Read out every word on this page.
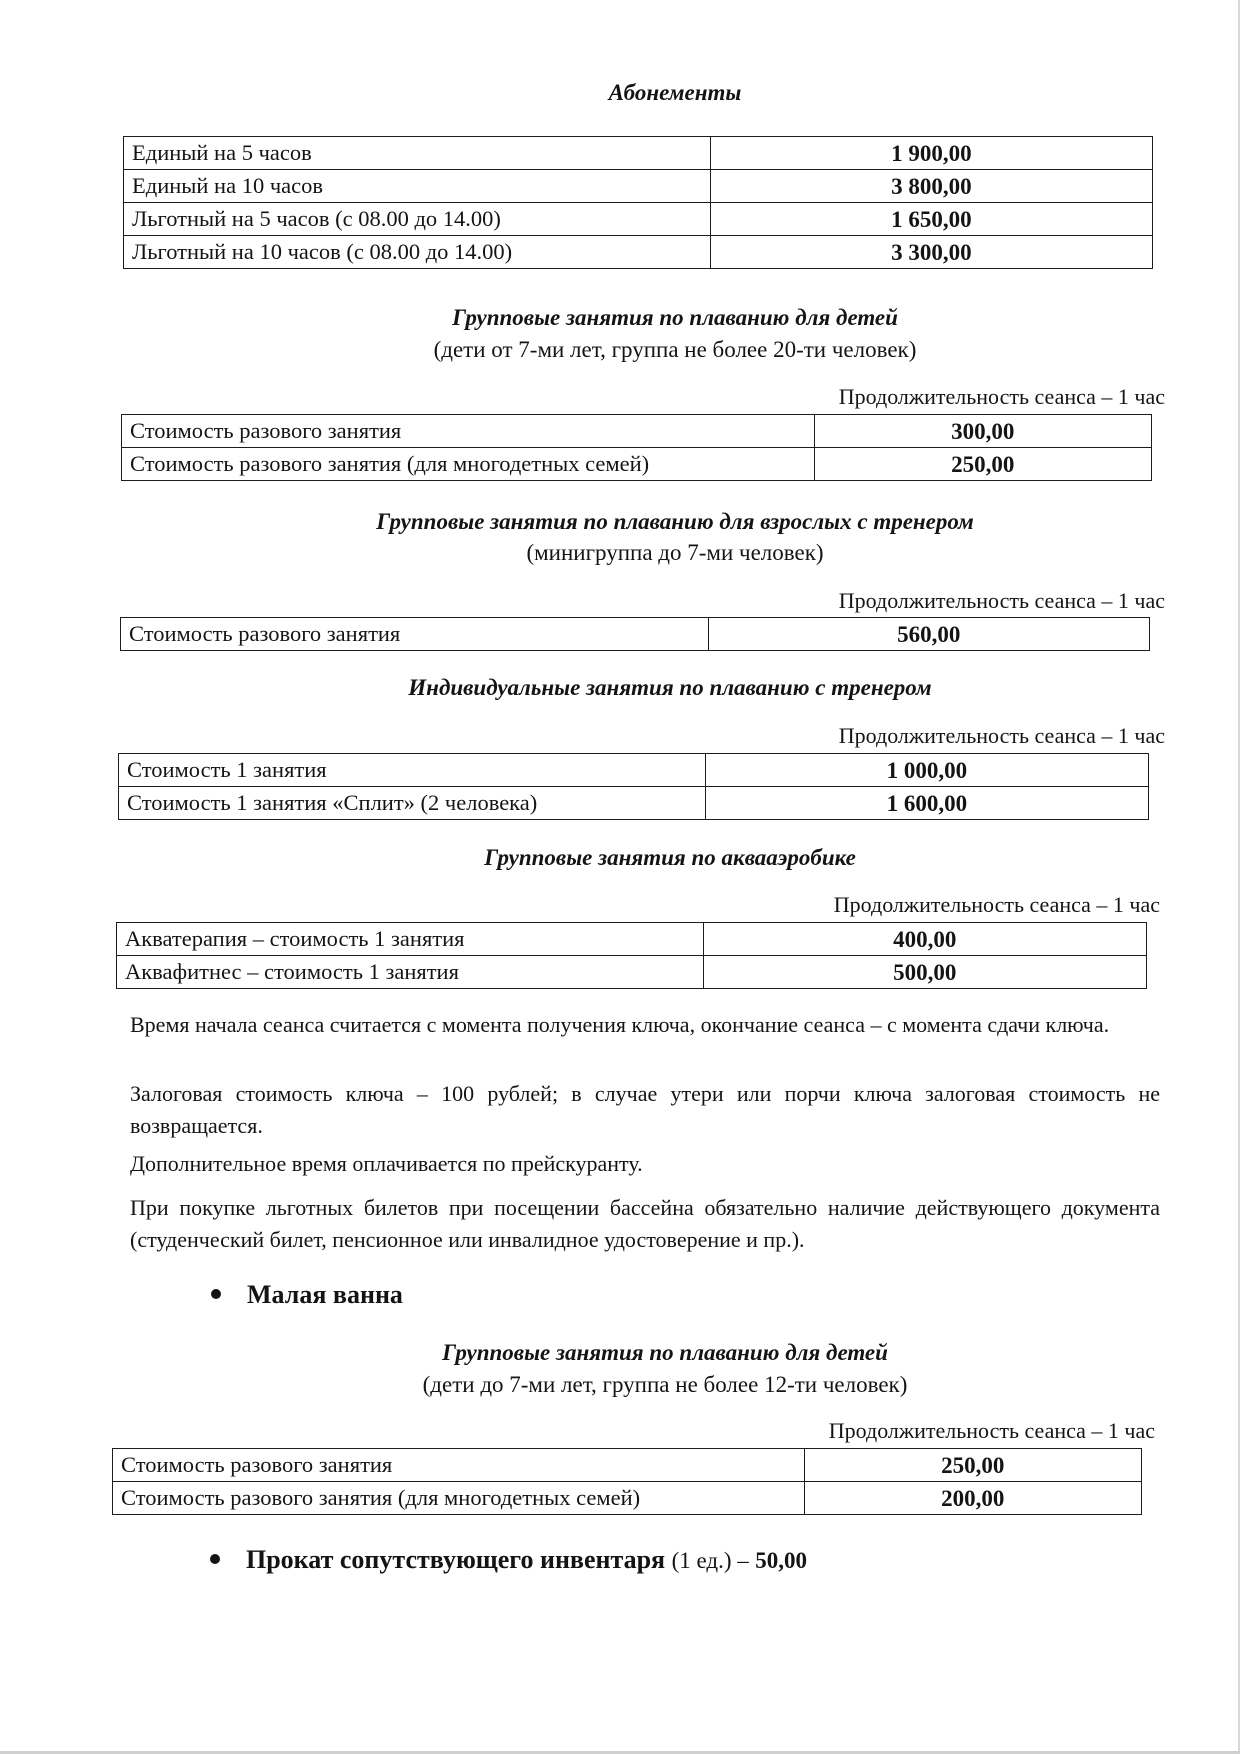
Абонементы
Единый на 5 часов	1 900,00
Единый на 10 часов	3 800,00
Льготный на 5 часов (с 08.00 до 14.00)	1 650,00
Льготный на 10 часов (с 08.00 до 14.00)	3 300,00
Групповые занятия по плаванию для детей
(дети от 7-ми лет, группа не более 20-ти человек)
Продолжительность сеанса – 1 час
Стоимость разового занятия	300,00
Стоимость разового занятия (для многодетных семей)	250,00
Групповые занятия по плаванию для взрослых с тренером
(минигруппа до 7-ми человек)
Продолжительность сеанса – 1 час
Стоимость разового занятия	560,00
Индивидуальные занятия по плаванию с тренером
Продолжительность сеанса – 1 час
Стоимость 1 занятия	1 000,00
Стоимость 1 занятия «Сплит» (2 человека)	1 600,00
Групповые занятия по аквааэробике
Продолжительность сеанса – 1 час
Акватерапия – стоимость 1 занятия	400,00
Аквафитнес – стоимость 1 занятия	500,00
Время начала сеанса считается с момента получения ключа, окончание сеанса – с момента сдачи ключа.
Залоговая стоимость ключа – 100 рублей; в случае утери или порчи ключа залоговая стоимость не возвращается.
Дополнительное время оплачивается по прейскуранту.
При покупке льготных билетов при посещении бассейна обязательно наличие действующего документа (студенческий билет, пенсионное или инвалидное удостоверение и пр.).
Малая ванна
Групповые занятия по плаванию для детей
(дети до 7-ми лет, группа не более 12-ти человек)
Продолжительность сеанса – 1 час
Стоимость разового занятия	250,00
Стоимость разового занятия (для многодетных семей)	200,00
Прокат сопутствующего инвентаря (1 ед.) – 50,00
